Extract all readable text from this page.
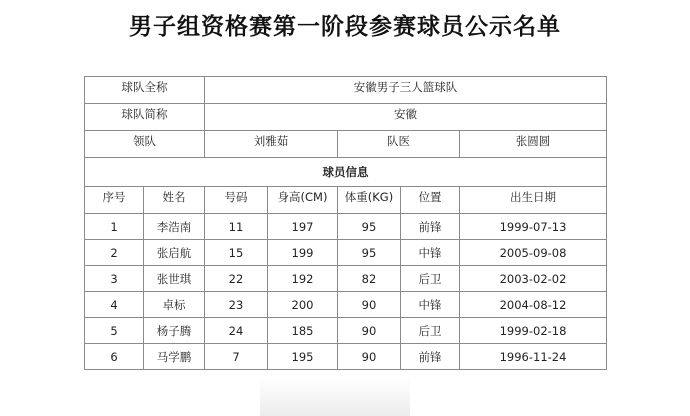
男子组资格赛第一阶段参赛球员公示名单
球队全称		安徽男子三人篮球队				
球队简称		安徽				
领队		刘雅茹		队医		张圆圆
球员信息						
序号	姓名	号码	身高(CM)	体重(KG)	位置	出生日期
1	李浩南	11	197	95	前锋	1999-07-13
2	张启航	15	199	95	中锋	2005-09-08
3	张世琪	22	192	82	后卫	2003-02-02
4	卓标	23	200	90	中锋	2004-08-12
5	杨子腾	24	185	90	后卫	1999-02-18
6	马学鹏	7	195	90	前锋	1996-11-24
